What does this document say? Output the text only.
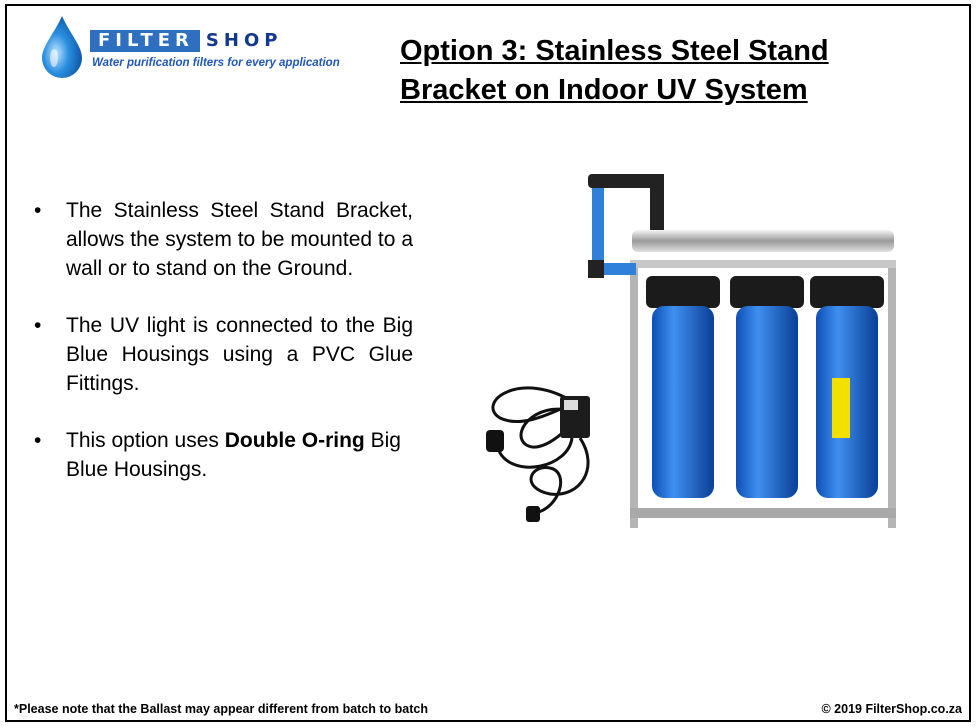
FILTER SHOP
Water purification filters for every application Option 3: Stainless Steel Stand
Bracket on Indoor UV System
• The Stainless Steel Stand Bracket, allows the system to be mounted to a wall or to stand on the Ground.
• The UV light is connected to the Big Blue Housings using a PVC Glue Fittings.
• This option uses Double O-ring Big Blue Housings.
*Please note that the Ballast may appear different from batch to batch	© 2019 FilterShop.co.za
